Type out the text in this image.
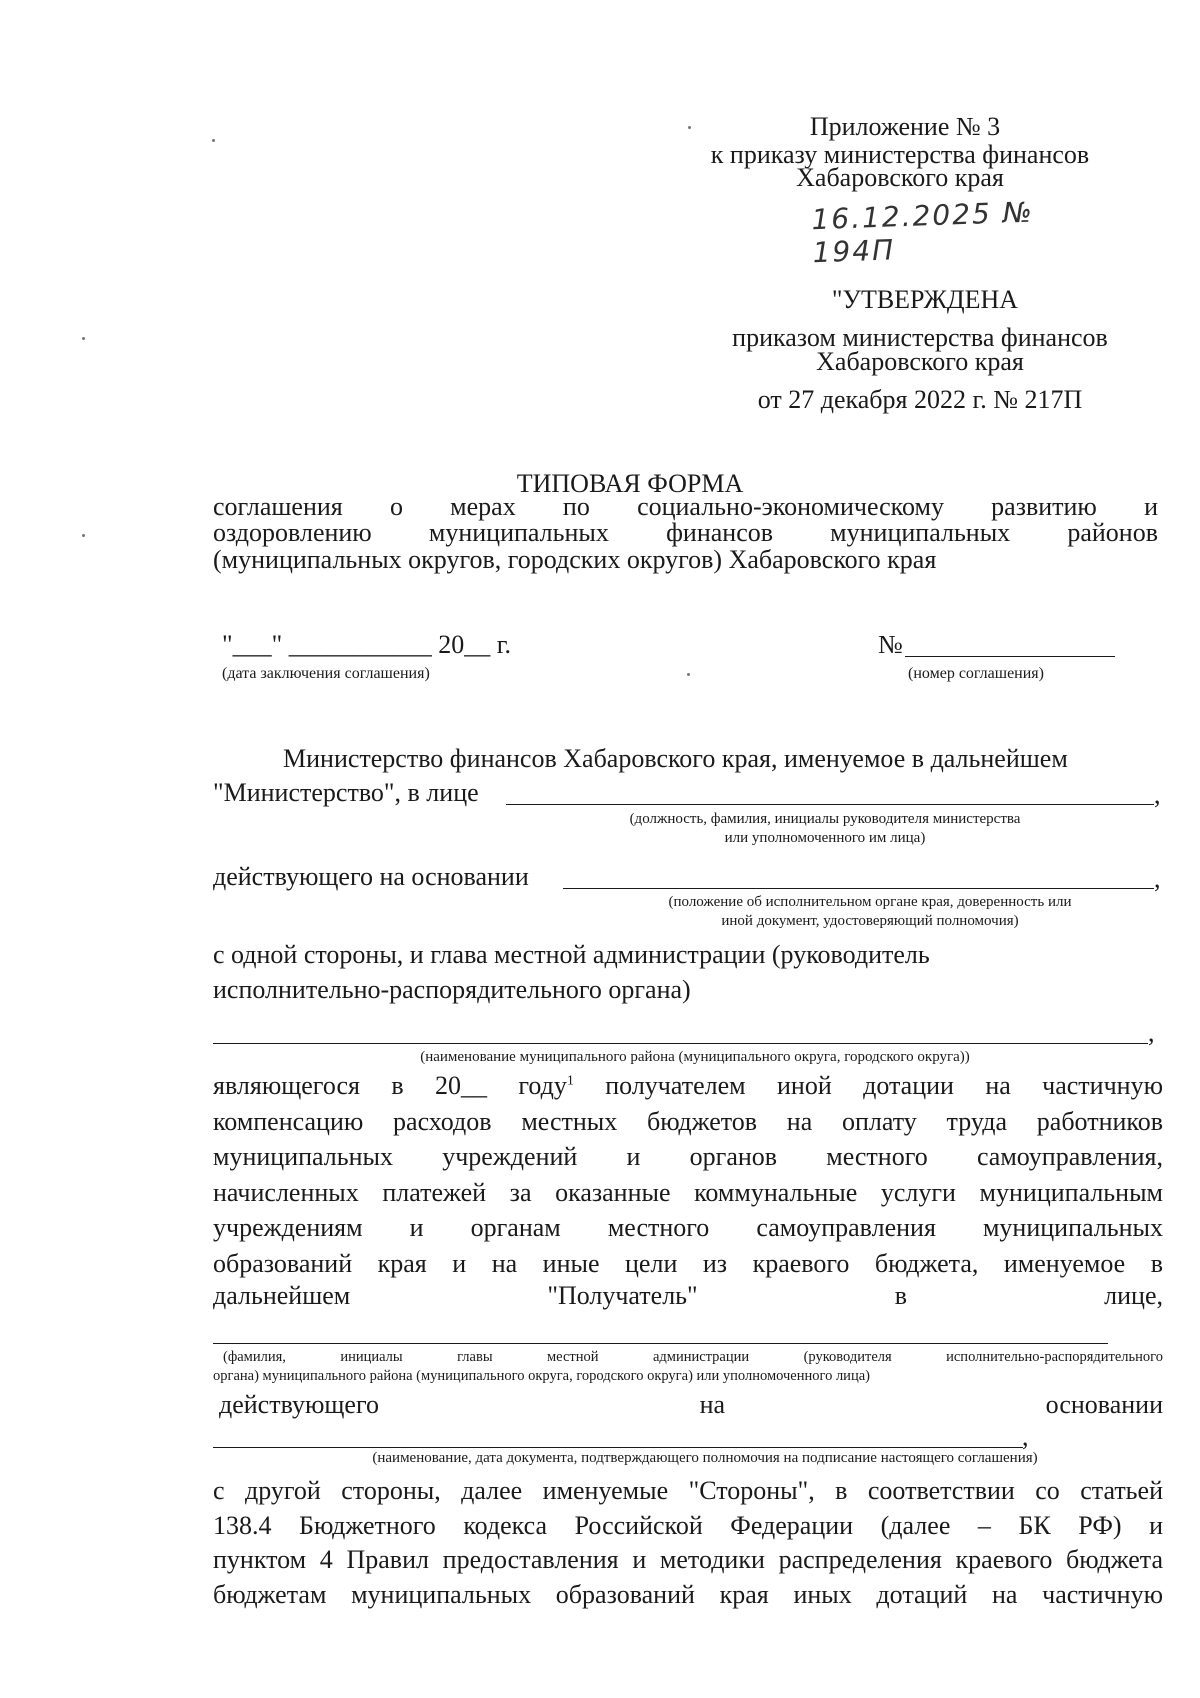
Приложение № 3
к приказу министерства финансов
Хабаровского края
16.12.2025 № 194П
"УТВЕРЖДЕНА
приказом министерства финансов
Хабаровского края
от 27 декабря 2022 г. № 217П
ТИПОВАЯ ФОРМА
соглашения о мерах по социально-экономическому развитию и
оздоровлению муниципальных финансов муниципальных районов
(муниципальных округов, городских округов) Хабаровского края
"___" ___________ 20__ г.
(дата заключения соглашения)
№
(номер соглашения)
Министерство финансов Хабаровского края, именуемое в дальнейшем
"Министерство", в лице	,
(должность, фамилия, инициалы руководителя министерства
или уполномоченного им лица)
действующего на основании	,
(положение об исполнительном органе края, доверенность или
иной документ, удостоверяющий полномочия)
с одной стороны, и глава местной администрации (руководитель
исполнительно-распорядительного органа)
,
(наименование муниципального района (муниципального округа, городского округа))
являющегося в 20__ году$^1$ получателем иной дотации на частичную
компенсацию расходов местных бюджетов на оплату труда работников
муниципальных учреждений и органов местного самоуправления,
начисленных платежей за оказанные коммунальные услуги муниципальным
учреждениям и органам местного самоуправления муниципальных
образований края и на иные цели из краевого бюджета, именуемое в
дальнейшем	"Получатель"	в	лице,
(фамилия, инициалы главы местной администрации (руководителя исполнительно-распорядительного
органа) муниципального района (муниципального округа, городского округа) или уполномоченного лица)
действующего	на	основании
,
(наименование, дата документа, подтверждающего полномочия на подписание настоящего соглашения)
с другой стороны, далее именуемые "Стороны", в соответствии со статьей
138.4 Бюджетного кодекса Российской Федерации (далее – БК РФ) и
пунктом 4 Правил предоставления и методики распределения краевого бюджета
бюджетам муниципальных образований края иных дотаций на частичную
